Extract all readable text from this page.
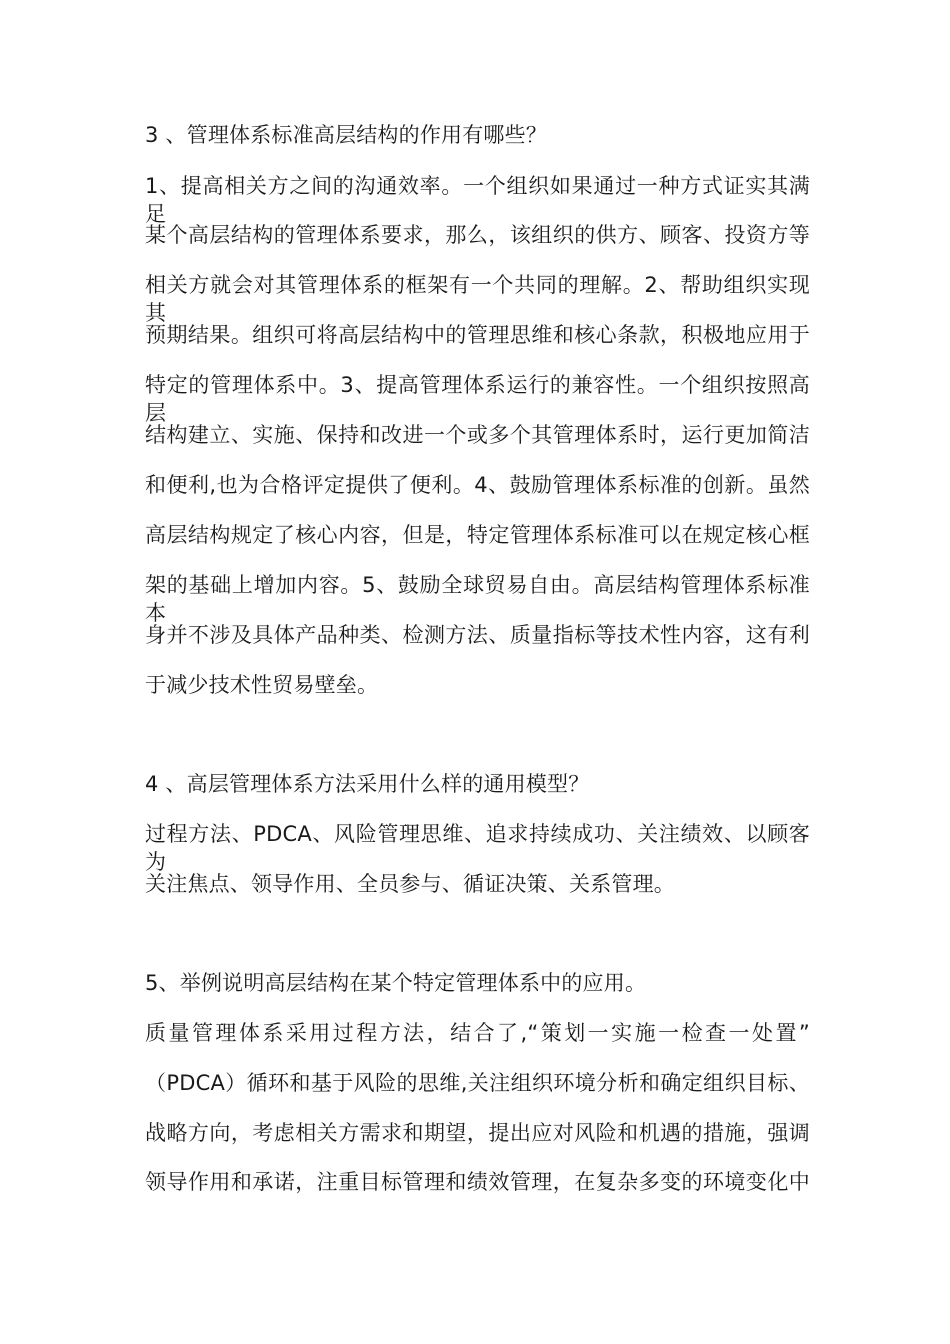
3 、管理体系标准高层结构的作用有哪些？
1、提高相关方之间的沟通效率。一个组织如果通过一种方式证实其满足
某个高层结构的管理体系要求，那么，该组织的供方、顾客、投资方等
相关方就会对其管理体系的框架有一个共同的理解。2、帮助组织实现其
预期结果。组织可将高层结构中的管理思维和核心条款，积极地应用于
特定的管理体系中。3、提高管理体系运行的兼容性。一个组织按照高层
结构建立、实施、保持和改进一个或多个其管理体系时，运行更加简洁
和便利,也为合格评定提供了便利。4、鼓励管理体系标准的创新。虽然
高层结构规定了核心内容，但是，特定管理体系标准可以在规定核心框
架的基础上增加内容。5、鼓励全球贸易自由。高层结构管理体系标准本
身并不涉及具体产品种类、检测方法、质量指标等技术性内容，这有利
于减少技术性贸易壁垒。
4 、高层管理体系方法采用什么样的通用模型？
过程方法、PDCA、风险管理思维、追求持续成功、关注绩效、以顾客为
关注焦点、领导作用、全员参与、循证决策、关系管理。
5、举例说明高层结构在某个特定管理体系中的应用。
质量管理体系采用过程方法，结合了,“策划一实施一检查一处置”
（PDCA）循环和基于风险的思维,关注组织环境分析和确定组织目标、
战略方向，考虑相关方需求和期望，提出应对风险和机遇的措施，强调
领导作用和承诺，注重目标管理和绩效管理，在复杂多变的环境变化中
